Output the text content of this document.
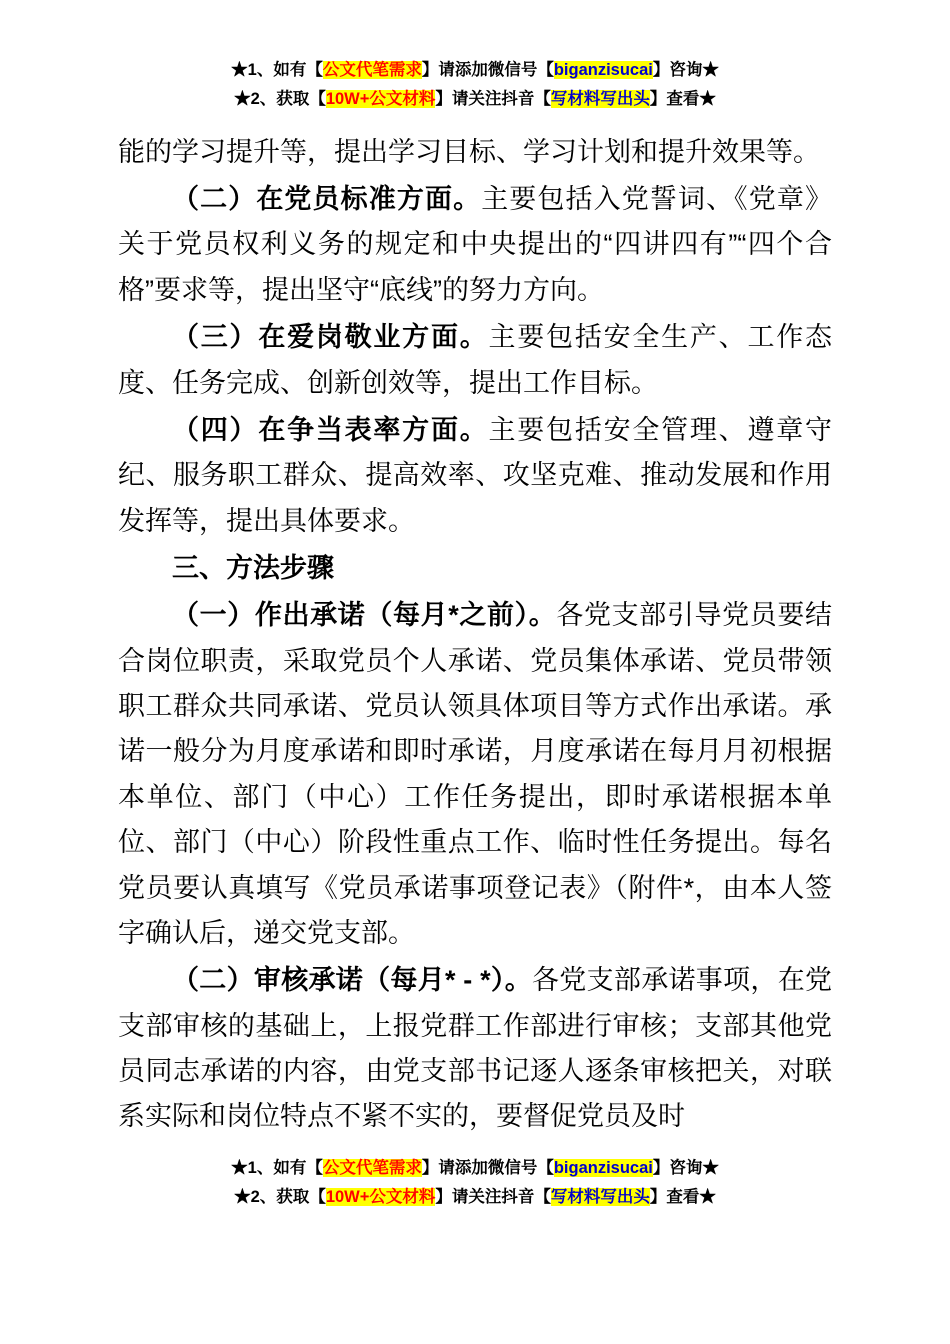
★1、如有【公文代笔需求】请添加微信号【biganzisucai】咨询★
★2、获取【10W+公文材料】请关注抖音【写材料写出头】查看★

能的学习提升等，提出学习目标、学习计划和提升效果等。

（二）在党员标准方面。主要包括入党誓词、《党章》关于党员权利义务的规定和中央提出的“四讲四有”“四个合格”要求等，提出坚守“底线”的努力方向。

（三）在爱岗敬业方面。主要包括安全生产、工作态度、任务完成、创新创效等，提出工作目标。

（四）在争当表率方面。主要包括安全管理、遵章守纪、服务职工群众、提高效率、攻坚克难、推动发展和作用发挥等，提出具体要求。

三、方法步骤

（一）作出承诺（每月*之前）。各党支部引导党员要结合岗位职责，采取党员个人承诺、党员集体承诺、党员带领职工群众共同承诺、党员认领具体项目等方式作出承诺。承诺一般分为月度承诺和即时承诺，月度承诺在每月月初根据本单位、部门（中心）工作任务提出，即时承诺根据本单位、部门（中心）阶段性重点工作、临时性任务提出。每名党员要认真填写《党员承诺事项登记表》（附件*，由本人签字确认后，递交党支部。

（二）审核承诺（每月* - *）。各党支部承诺事项，在党支部审核的基础上，上报党群工作部进行审核；支部其他党员同志承诺的内容，由党支部书记逐人逐条审核把关，对联系实际和岗位特点不紧不实的，要督促党员及时

★1、如有【公文代笔需求】请添加微信号【biganzisucai】咨询★
★2、获取【10W+公文材料】请关注抖音【写材料写出头】查看★
